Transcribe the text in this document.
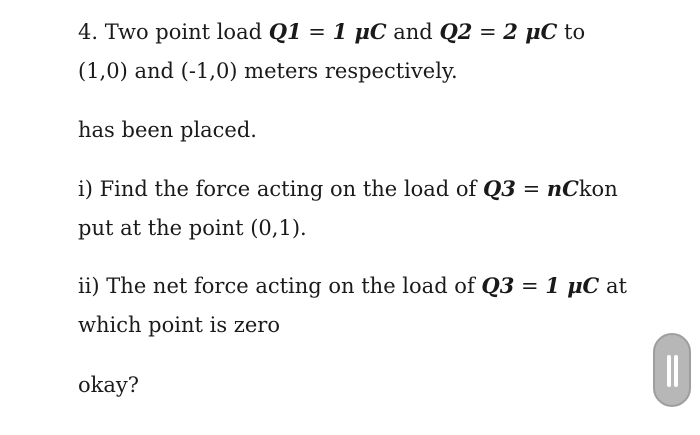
4. Two point load Q1 = 1 μC and Q2 = 2 μC to
(1,0) and (-1,0) meters respectively.
has been placed.
i) Find the force acting on the load of Q3 = nCkon
put at the point (0,1).
ii) The net force acting on the load of Q3 = 1 μC at
which point is zero
okay?
